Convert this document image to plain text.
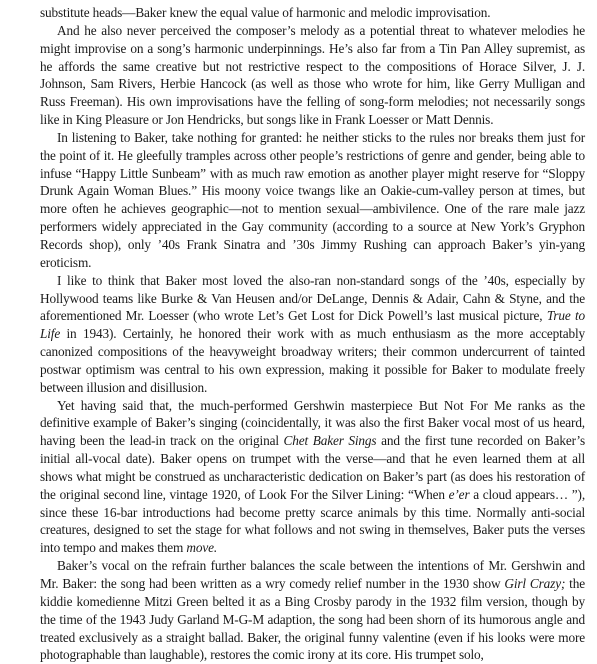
substitute heads—Baker knew the equal value of harmonic and melodic improvisation.

And he also never perceived the composer’s melody as a potential threat to whatever melodies he might improvise on a song’s harmonic underpinnings. He’s also far from a Tin Pan Alley supremist, as he affords the same creative but not restrictive respect to the compositions of Horace Silver, J. J. Johnson, Sam Rivers, Herbie Hancock (as well as those who wrote for him, like Gerry Mulligan and Russ Freeman). His own improvisations have the felling of song-form melodies; not necessarily songs like in King Pleasure or Jon Hendricks, but songs like in Frank Loesser or Matt Dennis.

In listening to Baker, take nothing for granted: he neither sticks to the rules nor breaks them just for the point of it. He gleefully tramples across other people’s restrictions of genre and gender, being able to infuse “Happy Little Sunbeam” with as much raw emotion as another player might reserve for “Sloppy Drunk Again Woman Blues.” His moony voice twangs like an Oakie-cum-valley person at times, but more often he achieves geographic—not to mention sexual—ambivilence. One of the rare male jazz performers widely appreciated in the Gay community (according to a source at New York’s Gryphon Records shop), only ’40s Frank Sinatra and ’30s Jimmy Rushing can approach Baker’s yin-yang eroticism.

I like to think that Baker most loved the also-ran non-standard songs of the ’40s, especially by Hollywood teams like Burke & Van Heusen and/or DeLange, Dennis & Adair, Cahn & Styne, and the aforementioned Mr. Loesser (who wrote Let’s Get Lost for Dick Powell’s last musical picture, True to Life in 1943). Certainly, he honored their work with as much enthusiasm as the more acceptably canonized compositions of the heavyweight broadway writers; their common undercurrent of tainted postwar optimism was central to his own expression, making it possible for Baker to modulate freely between illusion and disillusion.

Yet having said that, the much-performed Gershwin masterpiece But Not For Me ranks as the definitive example of Baker’s singing (coincidentally, it was also the first Baker vocal most of us heard, having been the lead-in track on the original Chet Baker Sings and the first tune recorded on Baker’s initial all-vocal date). Baker opens on trumpet with the verse—and that he even learned them at all shows what might be construed as uncharacteristic dedication on Baker’s part (as does his restoration of the original second line, vintage 1920, of Look For the Silver Lining: “When e’er a cloud appears… ”), since these 16-bar introductions had become pretty scarce animals by this time. Normally anti-social creatures, designed to set the stage for what follows and not swing in themselves, Baker puts the verses into tempo and makes them move.

Baker’s vocal on the refrain further balances the scale between the intentions of Mr. Gershwin and Mr. Baker: the song had been written as a wry comedy relief number in the 1930 show Girl Crazy; the kiddie komedienne Mitzi Green belted it as a Bing Crosby parody in the 1932 film version, though by the time of the 1943 Judy Garland M-G-M adaption, the song had been shorn of its humorous angle and treated exclusively as a straight ballad. Baker, the original funny valentine (even if his looks were more photographable than laughable), restores the comic irony at its core. His trumpet solo,
